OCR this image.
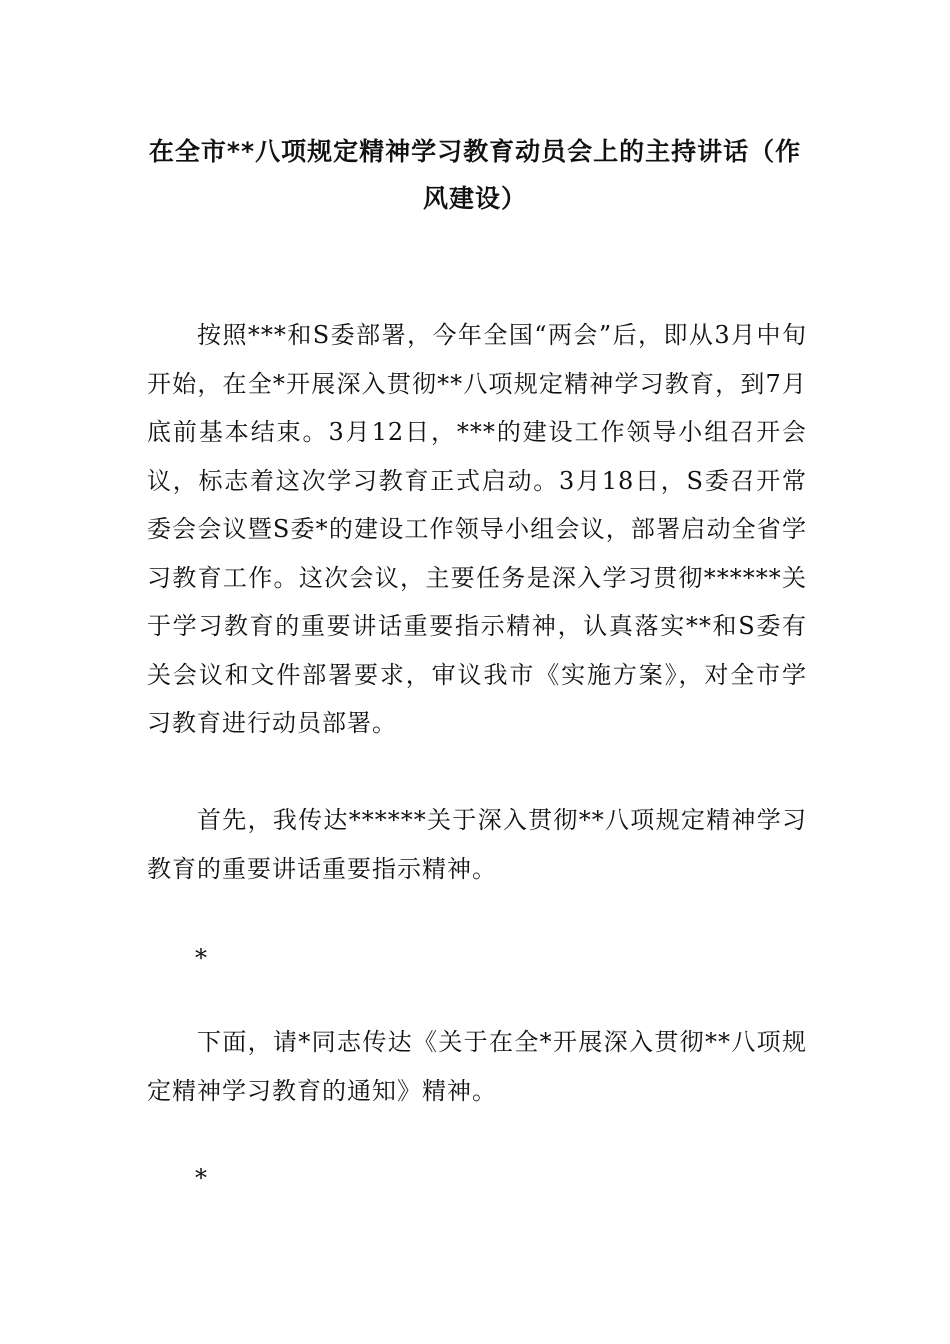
在全市**八项规定精神学习教育动员会上的主持讲话（作风建设）

按照***和S委部署，今年全国“两会”后，即从3月中旬开始，在全*开展深入贯彻**八项规定精神学习教育，到7月底前基本结束。3月12日，***的建设工作领导小组召开会议，标志着这次学习教育正式启动。3月18日，S委召开常委会会议暨S委*的建设工作领导小组会议，部署启动全省学习教育工作。这次会议，主要任务是深入学习贯彻******关于学习教育的重要讲话重要指示精神，认真落实**和S委有关会议和文件部署要求，审议我市《实施方案》，对全市学习教育进行动员部署。

首先，我传达******关于深入贯彻**八项规定精神学习教育的重要讲话重要指示精神。

*

下面，请*同志传达《关于在全*开展深入贯彻**八项规定精神学习教育的通知》精神。

*
